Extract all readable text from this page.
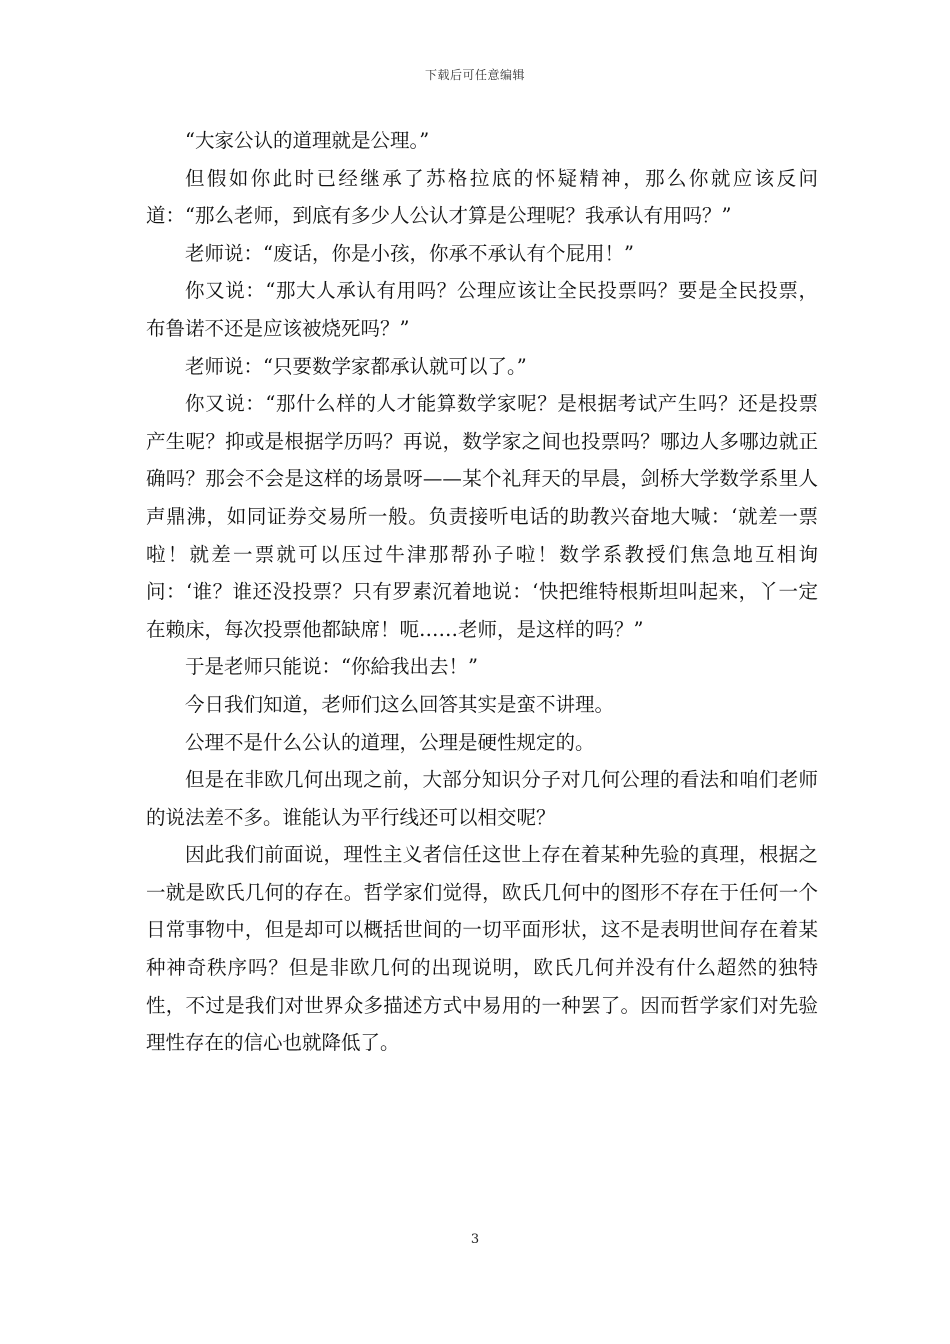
下载后可任意编辑

“大家公认的道理就是公理。”

但假如你此时已经继承了苏格拉底的怀疑精神，那么你就应该反问道：“那么老师，到底有多少人公认才算是公理呢？我承认有用吗？”

老师说：“废话，你是小孩，你承不承认有个屁用！”

你又说：“那大人承认有用吗？公理应该让全民投票吗？要是全民投票，布鲁诺不还是应该被烧死吗？”

老师说：“只要数学家都承认就可以了。”

你又说：“那什么样的人才能算数学家呢？是根据考试产生吗？还是投票产生呢？抑或是根据学历吗？再说，数学家之间也投票吗？哪边人多哪边就正确吗？那会不会是这样的场景呀——某个礼拜天的早晨，剑桥大学数学系里人声鼎沸，如同证券交易所一般。负责接听电话的助教兴奋地大喊：‘就差一票啦！就差一票就可以压过牛津那帮孙子啦！数学系教授们焦急地互相询问：‘谁？谁还没投票？只有罗素沉着地说：‘快把维特根斯坦叫起来，丫一定在赖床，每次投票他都缺席！呃……老师，是这样的吗？”

于是老师只能说：“你給我出去！”

今日我们知道，老师们这么回答其实是蛮不讲理。

公理不是什么公认的道理，公理是硬性规定的。

但是在非欧几何出现之前，大部分知识分子对几何公理的看法和咱们老师的说法差不多。谁能认为平行线还可以相交呢？

因此我们前面说，理性主义者信任这世上存在着某种先验的真理，根据之一就是欧氏几何的存在。哲学家们觉得，欧氏几何中的图形不存在于任何一个日常事物中，但是却可以概括世间的一切平面形状，这不是表明世间存在着某种神奇秩序吗？但是非欧几何的出现说明，欧氏几何并没有什么超然的独特性，不过是我们对世界众多描述方式中易用的一种罢了。因而哲学家们对先验理性存在的信心也就降低了。

3
